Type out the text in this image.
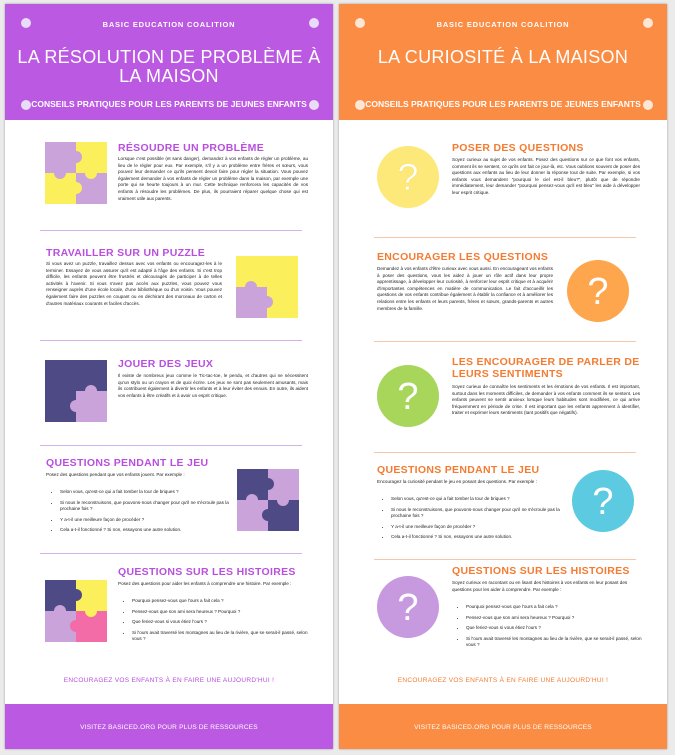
BASIC EDUCATION COALITION
LA RÉSOLUTION DE PROBLÈME À LA MAISON
CONSEILS PRATIQUES POUR LES PARENTS DE JEUNES ENFANTS
RÉSOUDRE UN PROBLÈME
Lorsque c'est possible (et sans danger), demandez à vos enfants de régler un problème, au lieu de le régler pour eux. Par exemple, s'il y a un problème entre frères et sœurs, vous pouvez leur demander ce qu'ils pensent devoir faire pour régler la situation. Vous pouvez également demander à vos enfants de régler un problème dans la maison, par exemple une porte qui se heurte toujours à un mur. Cette technique renforcera les capacités de vos enfants à résoudre les problèmes. De plus, ils pourraient réparer quelque chose qui est vraiment utile aux parents.
TRAVAILLER SUR UN PUZZLE
Si vous avez un puzzle, travaillez dessus avec vos enfants ou encouragez-les à le terminer. Essayez de vous assurer qu'il est adapté à l'âge des enfants. Si c'est trop difficile, les enfants peuvent être frustrés et découragés de participer à de telles activités à l'avenir. Si vous n'avez pas accès aux puzzles, vous pouvez vous renseigner auprès d'une école locale, d'une bibliothèque ou d'un voisin. Vous pouvez également faire des puzzles en coupant ou en déchirant des morceaux de carton et d'autres matériaux courants et faciles d'accès.
JOUER DES JEUX
Il existe de nombreux jeux comme le Tic-tac-toe, le pendu, et d'autres qui ne nécessitent qu'un stylo ou un crayon et de quoi écrire. Les jeux ne sont pas seulement amusants, mais ils contribuent également à divertir les enfants et à leur éviter des ennuis. En outre, ils aident vos enfants à être créatifs et à avoir un esprit critique.
QUESTIONS PENDANT LE JEU
Posez des questions pendant que vos enfants jouent. Par exemple :
• Selon vous, qu'est-ce qui a fait tomber la tour de briques ?
• Si nous le reconstruisons, que pouvons-nous changer pour qu'il ne s'écroule pas la prochaine fois ?
• Y a-t-il une meilleure façon de procéder ?
• Cela a-t-il fonctionné ? Si non, essayons une autre solution.
QUESTIONS SUR LES HISTOIRES
Posez des questions pour aider les enfants à comprendre une histoire. Par exemple :
• Pourquoi pensez-vous que l'ours a fait cela ?
• Pensez-vous que son ami sera heureux ? Pourquoi ?
• Que feriez-vous si vous étiez l'ours ?
• Si l'ours avait traversé les montagnes au lieu de la rivière, que se serait-il passé, selon vous ?
ENCOURAGEZ VOS ENFANTS À EN FAIRE UNE AUJOURD'HUI !
VISITEZ BASICED.ORG POUR PLUS DE RESSOURCES
BASIC EDUCATION COALITION
LA CURIOSITÉ À LA MAISON
CONSEILS PRATIQUES POUR LES PARENTS DE JEUNES ENFANTS
?
POSER DES QUESTIONS
Soyez curieux au sujet de vos enfants. Posez des questions sur ce que font vos enfants, comment ils se sentent, ce qu'ils ont fait ce jour-là, etc. Vous oublions souvent de poser des questions aux enfants au lieu de leur donner la réponse tout de suite. Par exemple, si vos enfants vous demandent "pourquoi le ciel est-il bleu?", plutôt que de répondre immédiatement, leur demander "pourquoi pensez-vous qu'il est bleu" les aide à développer leur esprit critique.
ENCOURAGER LES QUESTIONS
Demandez à vos enfants d'être curieux avec vous aussi. En encourageant vos enfants à poser des questions, vous les aidez à jouer un rôle actif dans leur propre apprentissage, à développer leur curiosité, à renforcer leur esprit critique et à acquérir d'importantes compétences en matière de communication. Le fait d'accueillir les questions de vos enfants contribue également à établir la confiance et à améliorer les relations entre les enfants et leurs parents, frères et sœurs, grands-parents et autres membres de la famille.	?
?
LES ENCOURAGER DE PARLER DE LEURS SENTIMENTS
Soyez curieux de connaître les sentiments et les émotions de vos enfants. Il est important, surtout dans les moments difficiles, de demander à vos enfants comment ils se sentent. Les enfants peuvent se sentir anxieux lorsque leurs habitudes sont modifiées, ce qui arrive fréquemment en période de crise. Il est important que les enfants apprennent à identifier, traiter et exprimer leurs sentiments (tant positifs que négatifs).
QUESTIONS PENDANT LE JEU
Encouragez la curiosité pendant le jeu en posant des questions. Par exemple :
• Selon vous, qu'est-ce qui a fait tomber la tour de briques ?
• Si nous le reconstruisons, que pouvons-nous changer pour qu'il ne s'écroule pas la prochaine fois ?
• Y a-t-il une meilleure façon de procéder ?
• Cela a-t-il fonctionné ? Si non, essayons une autre solution.
?
?
QUESTIONS SUR LES HISTOIRES
Soyez curieux en racontant ou en lisant des histoires à vos enfants en leur posant des questions pour les aider à comprendre. Par exemple :
• Pourquoi pensez-vous que l'ours a fait cela ?
• Pensez-vous que son ami sera heureux ? Pourquoi ?
• Que feriez-vous si vous étiez l'ours ?
• Si l'ours avait traversé les montagnes au lieu de la rivière, que se serait-il passé, selon vous ?
ENCOURAGEZ VOS ENFANTS À EN FAIRE UNE AUJOURD'HUI !
VISITEZ BASICED.ORG POUR PLUS DE RESSOURCES
